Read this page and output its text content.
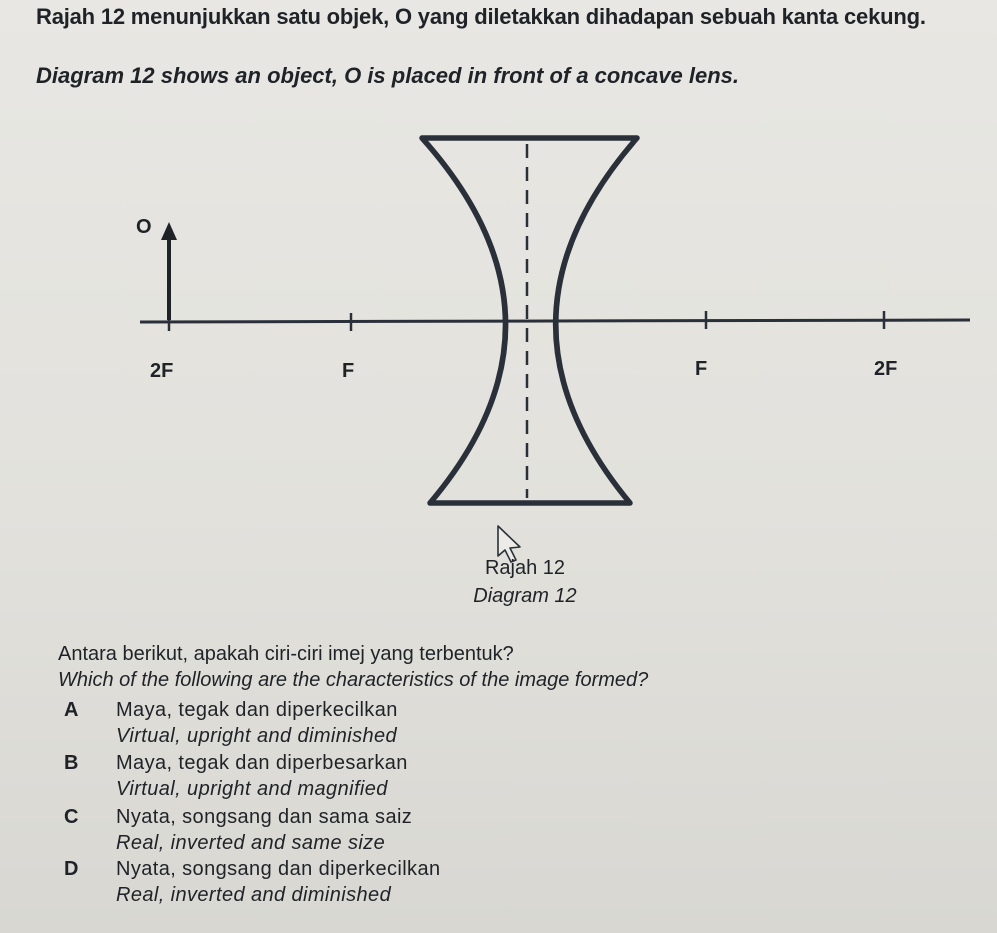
Rajah 12 menunjukkan satu objek, O yang diletakkan dihadapan sebuah kanta cekung.
Diagram 12 shows an object, O is placed in front of a concave lens.
O
2F	F	F	2F
Rajah 12
Diagram 12
Antara berikut, apakah ciri-ciri imej yang terbentuk?
Which of the following are the characteristics of the image formed?
A	Maya, tegak dan diperkecilkan
Virtual, upright and diminished
B	Maya, tegak dan diperbesarkan
Virtual, upright and magnified
C	Nyata, songsang dan sama saiz
Real, inverted and same size
D	Nyata, songsang dan diperkecilkan
Real, inverted and diminished
